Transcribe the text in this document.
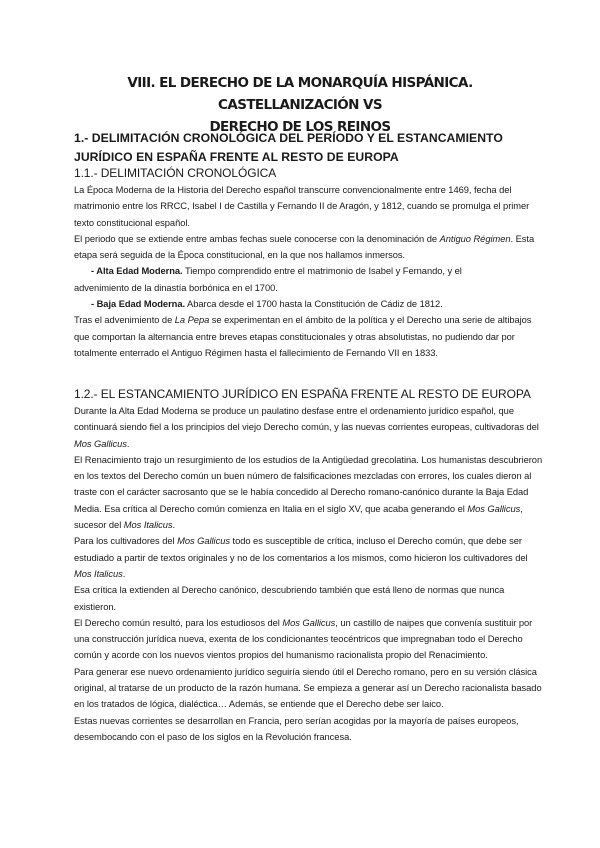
VIII. EL DERECHO DE LA MONARQUÍA HISPÁNICA. CASTELLANIZACIÓN VS
DERECHO DE LOS REINOS
1.- DELIMITACIÓN CRONOLÓGICA DEL PERÍODO Y EL ESTANCAMIENTO
JURÍDICO EN ESPAÑA FRENTE AL RESTO DE EUROPA
1.1.- DELIMITACIÓN CRONOLÓGICA

La Época Moderna de la Historia del Derecho español transcurre convencionalmente entre 1469, fecha del matrimonio entre los RRCC, Isabel I de Castilla y Fernando II de Aragón, y 1812, cuando se promulga el primer texto constitucional español.

El periodo que se extiende entre ambas fechas suele conocerse con la denominación de Antiguo Régimen. Esta etapa será seguida de la Época constitucional, en la que nos hallamos inmersos.

- Alta Edad Moderna. Tiempo comprendido entre el matrimonio de Isabel y Fernando, y el

advenimiento de la dinastía borbónica en el 1700.

- Baja Edad Moderna. Abarca desde el 1700 hasta la Constitución de Cádiz de 1812.

Tras el advenimiento de La Pepa se experimentan en el ámbito de la política y el Derecho una serie de altibajos que comportan la alternancia entre breves etapas constitucionales y otras absolutistas, no pudiendo dar por totalmente enterrado el Antiguo Régimen hasta el fallecimiento de Fernando VII en 1833.

1.2.- EL ESTANCAMIENTO JURÍDICO EN ESPAÑA FRENTE AL RESTO DE EUROPA

Durante la Alta Edad Moderna se produce un paulatino desfase entre el ordenamiento jurídico español, que continuará siendo fiel a los principios del viejo Derecho común, y las nuevas corrientes europeas, cultivadoras del Mos Gallicus.

El Renacimiento trajo un resurgimiento de los estudios de la Antigüedad grecolatina. Los humanistas descubrieron en los textos del Derecho común un buen número de falsificaciones mezcladas con errores, los cuales dieron al traste con el carácter sacrosanto que se le había concedido al Derecho romano-canónico durante la Baja Edad Media. Esa crítica al Derecho común comienza en Italia en el siglo XV, que acaba generando el Mos Gallicus, sucesor del Mos Italicus.

Para los cultivadores del Mos Gallicus todo es susceptible de crítica, incluso el Derecho común, que debe ser estudiado a partir de textos originales y no de los comentarios a los mismos, como hicieron los cultivadores del Mos Italicus.

Esa crítica la extienden al Derecho canónico, descubriendo también que está lleno de normas que nunca existieron.

El Derecho común resultó, para los estudiosos del Mos Gallicus, un castillo de naipes que convenía sustituir por una construcción jurídica nueva, exenta de los condicionantes teocéntricos que impregnaban todo el Derecho común y acorde con los nuevos vientos propios del humanismo racionalista propio del Renacimiento.

Para generar ese nuevo ordenamiento jurídico seguiría siendo útil el Derecho romano, pero en su versión clásica original, al tratarse de un producto de la razón humana. Se empieza a generar así un Derecho racionalista basado en los tratados de lógica, dialéctica… Además, se entiende que el Derecho debe ser laico.

Estas nuevas corrientes se desarrollan en Francia, pero serían acogidas por la mayoría de países europeos, desembocando con el paso de los siglos en la Revolución francesa.
